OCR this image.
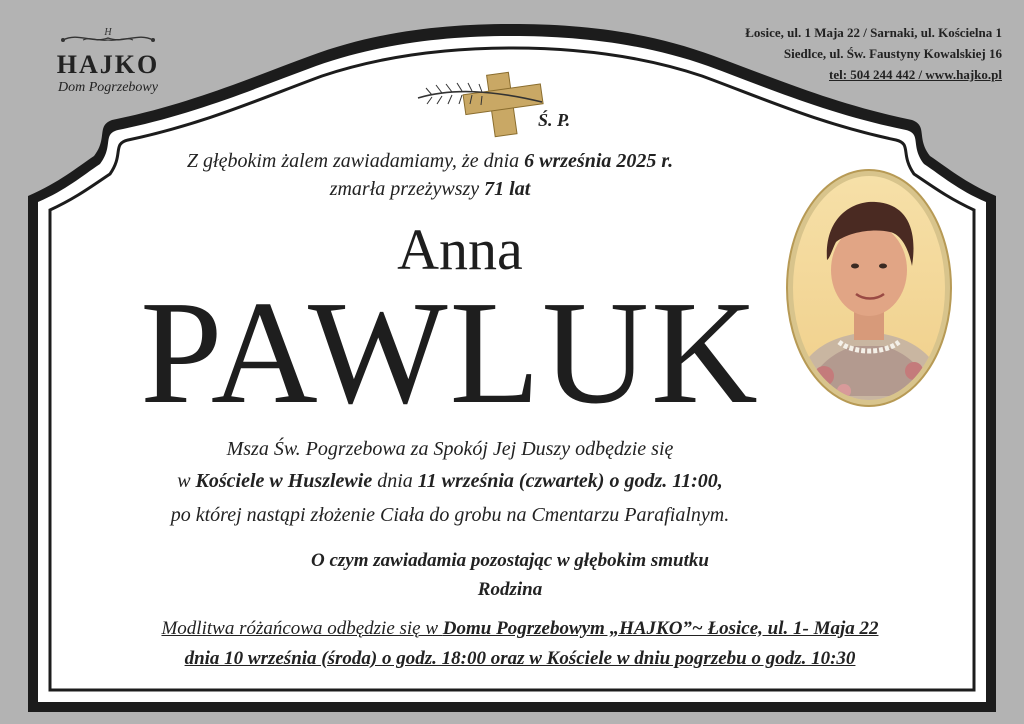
H
HAJKO
Dom Pogrzebowy
Łosice, ul. 1 Maja 22 / Sarnaki, ul. Kościelna 1
Siedlce, ul. Św. Faustyny Kowalskiej 16
tel: 504 244 442 / www.hajko.pl
Ś. P.
Z głębokim żalem zawiadamiamy, że dnia 6 września 2025 r.
zmarła przeżywszy 71 lat
Anna
PAWLUK
Msza Św. Pogrzebowa za Spokój Jej Duszy odbędzie się
w Kościele w Huszlewie dnia 11 września (czwartek) o godz. 11:00,
po której nastąpi złożenie Ciała do grobu na Cmentarzu Parafialnym.
O czym zawiadamia pozostając w głębokim smutku
Rodzina
Modlitwa różańcowa odbędzie się w Domu Pogrzebowym „HAJKO”~ Łosice, ul. 1- Maja 22
dnia 10 września (środa) o godz. 18:00 oraz w Kościele w dniu pogrzebu o godz. 10:30
